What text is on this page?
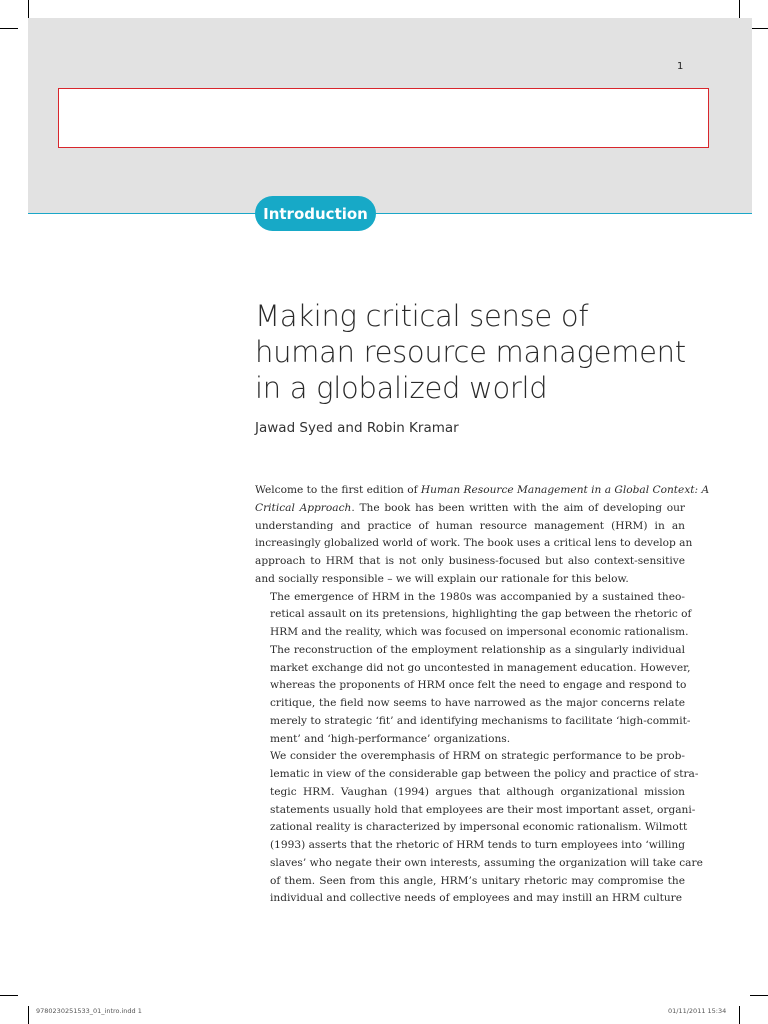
1
Introduction
Making critical sense of
human resource management
in a globalized world
Jawad Syed and Robin Kramar

Welcome to the first edition of Human Resource Management in a Global Context: A
Critical Approach. The book has been written with the aim of developing our
understanding and practice of human resource management (HRM) in an
increasingly globalized world of work. The book uses a critical lens to develop an
approach to HRM that is not only business-focused but also context-sensitive
and socially responsible – we will explain our rationale for this below.

The emergence of HRM in the 1980s was accompanied by a sustained theo-
retical assault on its pretensions, highlighting the gap between the rhetoric of
HRM and the reality, which was focused on impersonal economic rationalism.
The reconstruction of the employment relationship as a singularly individual
market exchange did not go uncontested in management education. However,
whereas the proponents of HRM once felt the need to engage and respond to
critique, the field now seems to have narrowed as the major concerns relate
merely to strategic ‘fit’ and identifying mechanisms to facilitate ‘high-commit-
ment’ and ‘high-performance’ organizations.

We consider the overemphasis of HRM on strategic performance to be prob-
lematic in view of the considerable gap between the policy and practice of stra-
tegic HRM. Vaughan (1994) argues that although organizational mission
statements usually hold that employees are their most important asset, organi-
zational reality is characterized by impersonal economic rationalism. Wilmott
(1993) asserts that the rhetoric of HRM tends to turn employees into ‘willing
slaves’ who negate their own interests, assuming the organization will take care
of them. Seen from this angle, HRM’s unitary rhetoric may compromise the
individual and collective needs of employees and may instill an HRM culture

9780230251533_01_intro.indd 1	01/11/2011 15:34
